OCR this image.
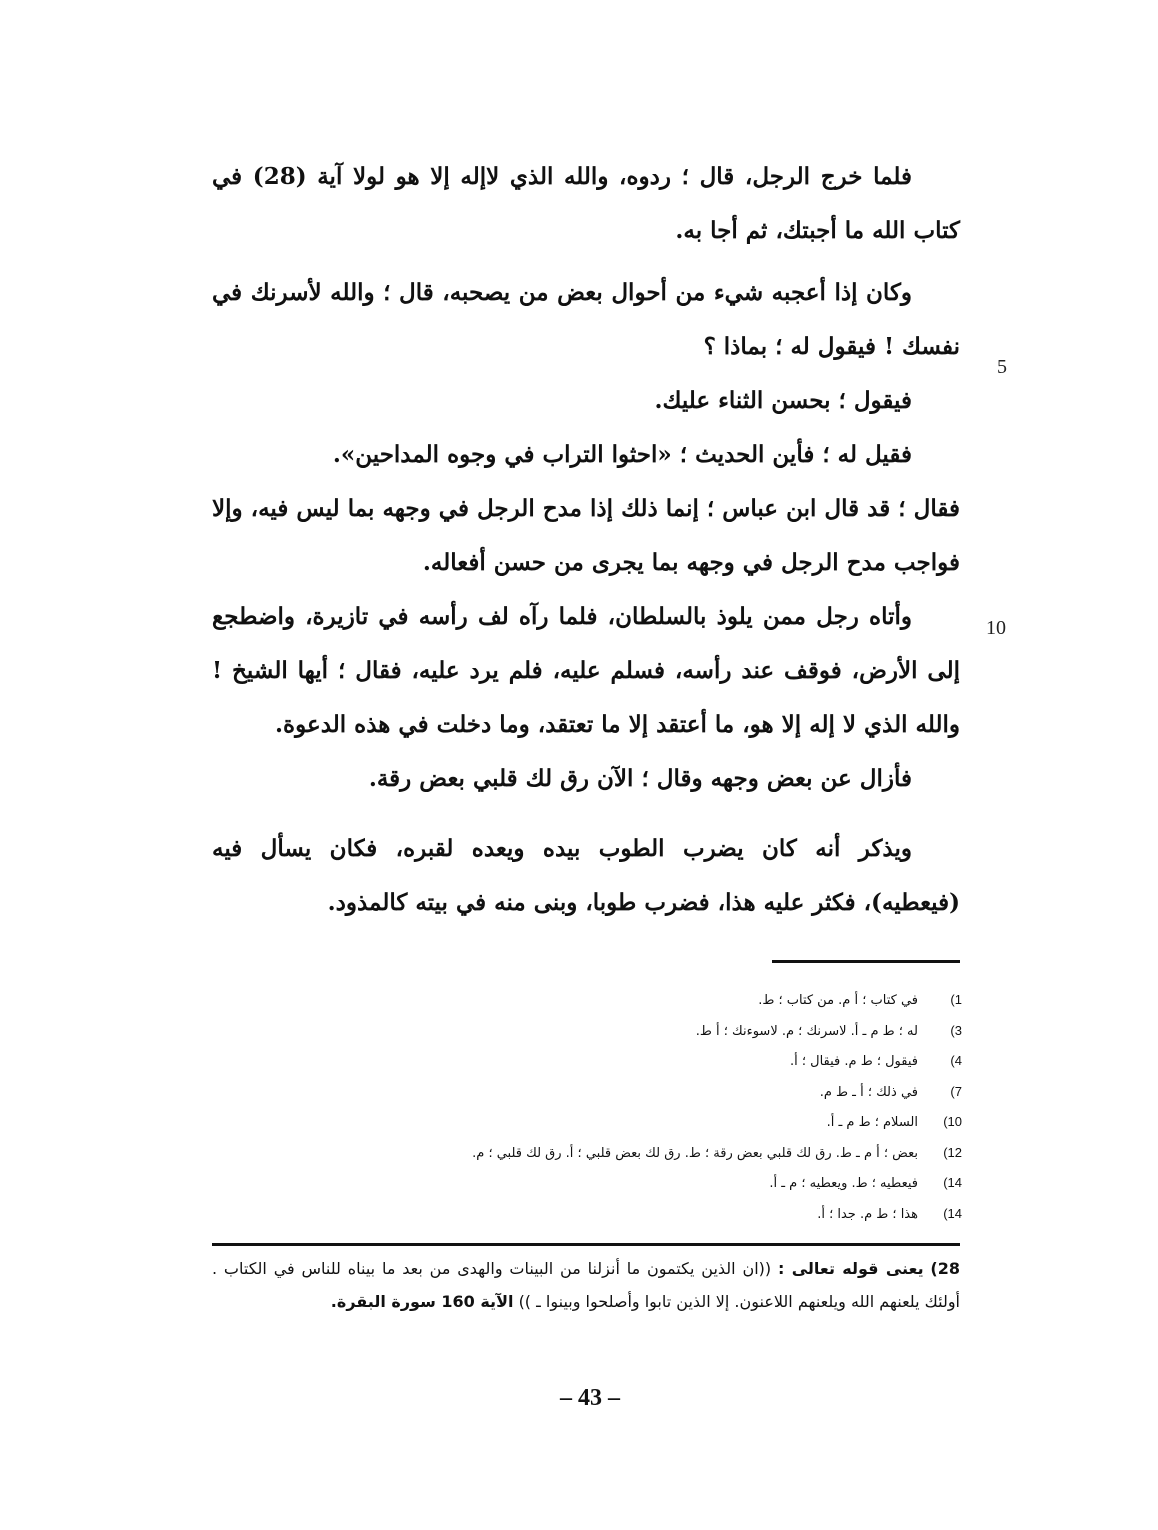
فلما خرج الرجل، قال ؛ ردوه، والله الذي لاإله إلا هو لولا آية (28) في كتاب الله ما أجبتك، ثم أجا به.

وكان إذا أعجبه شيء من أحوال بعض من يصحبه، قال ؛ والله لأسرنك في نفسك ! فيقول له ؛ بماذا ؟

فيقول ؛ بحسن الثناء عليك.

فقيل له ؛ فأين الحديث ؛ «احثوا التراب في وجوه المداحين».

فقال ؛ قد قال ابن عباس ؛ إنما ذلك إذا مدح الرجل في وجهه بما ليس فيه، وإلا فواجب مدح الرجل في وجهه بما يجرى من حسن أفعاله.

وأتاه رجل ممن يلوذ بالسلطان، فلما رآه لف رأسه في تازيرة، واضطجع إلى الأرض، فوقف عند رأسه، فسلم عليه، فلم يرد عليه، فقال ؛ أيها الشيخ ! والله الذي لا إله إلا هو، ما أعتقد إلا ما تعتقد، وما دخلت في هذه الدعوة.

فأزال عن بعض وجهه وقال ؛ الآن رق لك قلبي بعض رقة.

ويذكر أنه كان يضرب الطوب بيده ويعده لقبره، فكان يسأل فيه (فيعطيه)، فكثر عليه هذا، فضرب طوبا، وبنى منه في بيته كالمذود.

5
10
1)في كتاب ؛ أ م. من كتاب ؛ ط.
3)له ؛ ط م ـ أ. لاسرنك ؛ م. لاسوءنك ؛ أ ط.
4)فيقول ؛ ط م. فيقال ؛ أ.
7)في ذلك ؛ أ ـ ط م.
10)السلام ؛ ط م ـ أ.
12)بعض ؛ أ م ـ ط. رق لك قلبي بعض رقة ؛ ط. رق لك بعض قلبي ؛ أ. رق لك قلبي ؛ م.
14)فيعطيه ؛ ط. ويعطيه ؛ م ـ أ.
14)هذا ؛ ط م. جدا ؛ أ.
28) يعنى قوله تعالى : ((ان الذين يكتمون ما أنزلنا من البينات والهدى من بعد ما بيناه للناس في الكتاب . أولئك يلعنهم الله ويلعنهم اللاعنون. إلا الذين تابوا وأصلحوا وبينوا ـ )) الآية 160 سورة البقرة.
– 43 –
